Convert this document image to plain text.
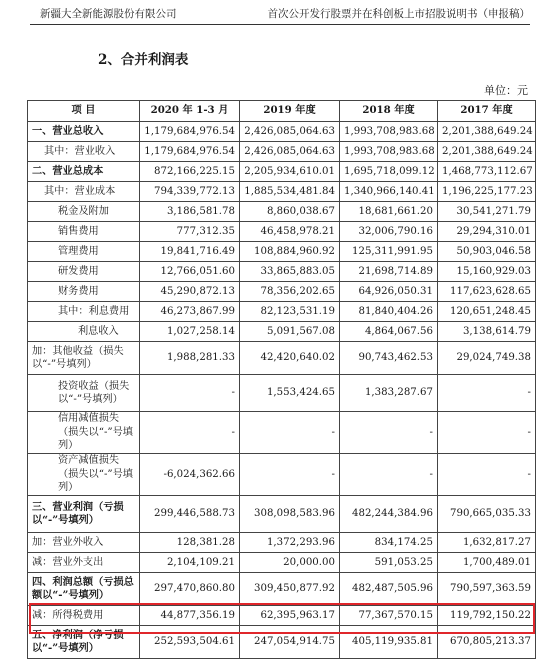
新疆大全新能源股份有限公司	首次公开发行股票并在科创板上市招股说明书（申报稿）
2、合并利润表
单位：元
项 目	2020 年 1-3 月	2019 年度	2018 年度	2017 年度
一、营业总收入	1,179,684,976.54	2,426,085,064.63	1,993,708,983.68	2,201,388,649.24
其中：营业收入	1,179,684,976.54	2,426,085,064.63	1,993,708,983.68	2,201,388,649.24
二、营业总成本	872,166,225.15	2,205,934,610.01	1,695,718,099.12	1,468,773,112.67
其中：营业成本	794,339,772.13	1,885,534,481.84	1,340,966,140.41	1,196,225,177.23
税金及附加	3,186,581.78	8,860,038.67	18,681,661.20	30,541,271.79
销售费用	777,312.35	46,458,978.21	32,006,790.16	29,294,310.01
管理费用	19,841,716.49	108,884,960.92	125,311,991.95	50,903,046.58
研发费用	12,766,051.60	33,865,883.05	21,698,714.89	15,160,929.03
财务费用	45,290,872.13	78,356,202.65	64,926,050.31	117,623,628.65
其中：利息费用	46,273,867.99	82,123,531.19	81,840,404.26	120,651,248.45
利息收入	1,027,258.14	5,091,567.08	4,864,067.56	3,138,614.79
加：其他收益（损失以“-”号填列）	1,988,281.33	42,420,640.02	90,743,462.53	29,024,749.38
投资收益（损失以“-”号填列）	-	1,553,424.65	1,383,287.67	-
信用减值损失（损失以“-”号填列）	-	-	-	-
资产减值损失（损失以“-”号填列）	-6,024,362.66	-	-	-
三、营业利润（亏损以“-”号填列）	299,446,588.73	308,098,583.96	482,244,384.96	790,665,035.33
加：营业外收入	128,381.28	1,372,293.96	834,174.25	1,632,817.27
减：营业外支出	2,104,109.21	20,000.00	591,053.25	1,700,489.01
四、利润总额（亏损总额以“-”号填列）	297,470,860.80	309,450,877.92	482,487,505.96	790,597,363.59
减：所得税费用	44,877,356.19	62,395,963.17	77,367,570.15	119,792,150.22
五、净利润（净亏损以“-”号填列）	252,593,504.61	247,054,914.75	405,119,935.81	670,805,213.37
